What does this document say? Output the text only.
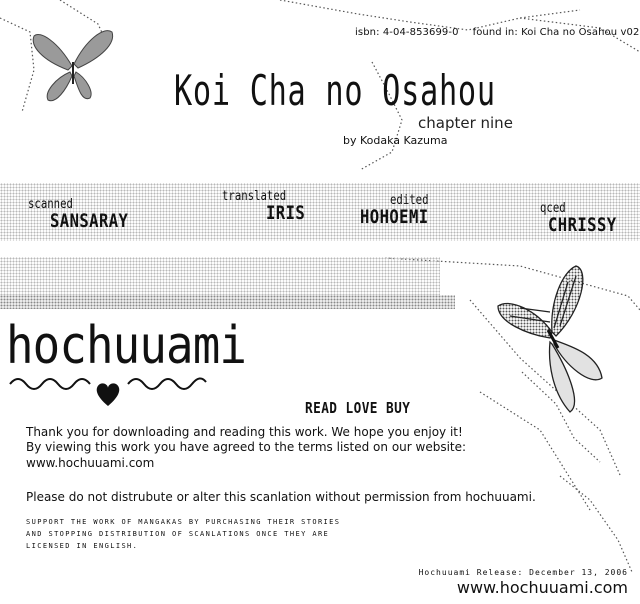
isbn: 4-04-853699-0 found in: Koi Cha no Osahou v02
Koi Cha no Osahou
chapter nine
by Kodaka Kazuma
scanned
SANSARAY
translated
IRIS
edited
HOHOEMI	qced
CHRISSY
hochuuami
READ LOVE BUY
Thank you for downloading and reading this work. We hope you enjoy it!
By viewing this work you have agreed to the terms listed on our website:
www.hochuuami.com
Please do not distrubute or alter this scanlation without permission from hochuuami.
SUPPORT THE WORK OF MANGAKAS BY PURCHASING THEIR STORIES
AND STOPPING DISTRIBUTION OF SCANLATIONS ONCE THEY ARE
LICENSED IN ENGLISH.
Hochuuami Release: December 13, 2006
www.hochuuami.com
